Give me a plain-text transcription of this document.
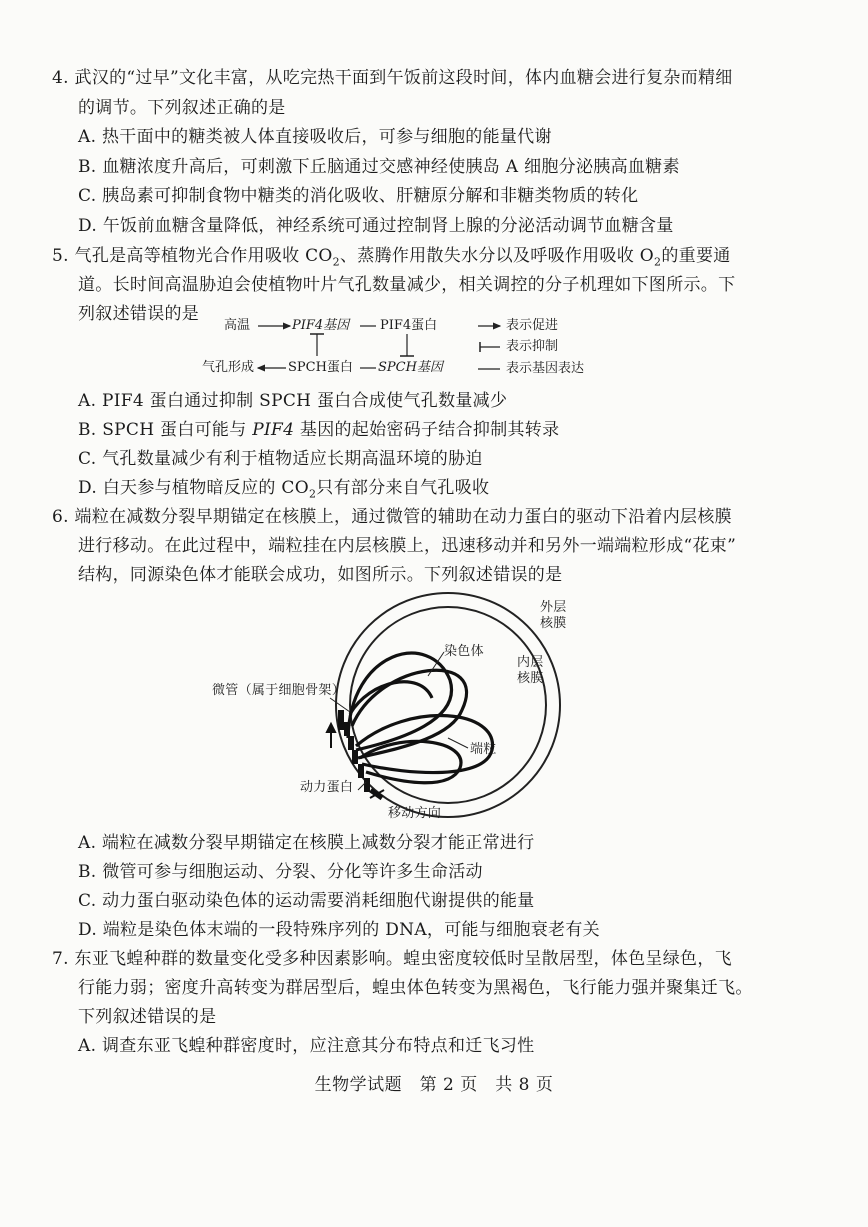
4. 武汉的“过早”文化丰富，从吃完热干面到午饭前这段时间，体内血糖会进行复杂而精细
的调节。下列叙述正确的是
A. 热干面中的糖类被人体直接吸收后，可参与细胞的能量代谢
B. 血糖浓度升高后，可刺激下丘脑通过交感神经使胰岛 A 细胞分泌胰高血糖素
C. 胰岛素可抑制食物中糖类的消化吸收、肝糖原分解和非糖类物质的转化
D. 午饭前血糖含量降低，神经系统可通过控制肾上腺的分泌活动调节血糖含量
5. 气孔是高等植物光合作用吸收 $CO_2$、蒸腾作用散失水分以及呼吸作用吸收 $O_2$的重要通
道。长时间高温胁迫会使植物叶片气孔数量减少，相关调控的分子机理如下图所示。下
列叙述错误的是
高温	PIF4基因 PIF4蛋白
气孔形成	SPCH蛋白 SPCH基因
表示促进
表示抑制
表示基因表达
A. PIF4 蛋白通过抑制 SPCH 蛋白合成使气孔数量减少
B. SPCH 蛋白可能与 PIF4 基因的起始密码子结合抑制其转录
C. 气孔数量减少有利于植物适应长期高温环境的胁迫
D. 白天参与植物暗反应的 $CO_2$只有部分来自气孔吸收
6. 端粒在减数分裂早期锚定在核膜上，通过微管的辅助在动力蛋白的驱动下沿着内层核膜
进行移动。在此过程中，端粒挂在内层核膜上，迅速移动并和另外一端端粒形成“花束”
结构，同源染色体才能联会成功，如图所示。下列叙述错误的是
外层
核膜
内层
核膜
染色体
微管（属于细胞骨架）
端粒
动力蛋白
移动方向
A. 端粒在减数分裂早期锚定在核膜上减数分裂才能正常进行
B. 微管可参与细胞运动、分裂、分化等许多生命活动
C. 动力蛋白驱动染色体的运动需要消耗细胞代谢提供的能量
D. 端粒是染色体末端的一段特殊序列的 DNA，可能与细胞衰老有关
7. 东亚飞蝗种群的数量变化受多种因素影响。蝗虫密度较低时呈散居型，体色呈绿色，飞
行能力弱；密度升高转变为群居型后，蝗虫体色转变为黑褐色，飞行能力强并聚集迁飞。
下列叙述错误的是
A. 调查东亚飞蝗种群密度时，应注意其分布特点和迁飞习性
生物学试题　第 2 页　共 8 页
